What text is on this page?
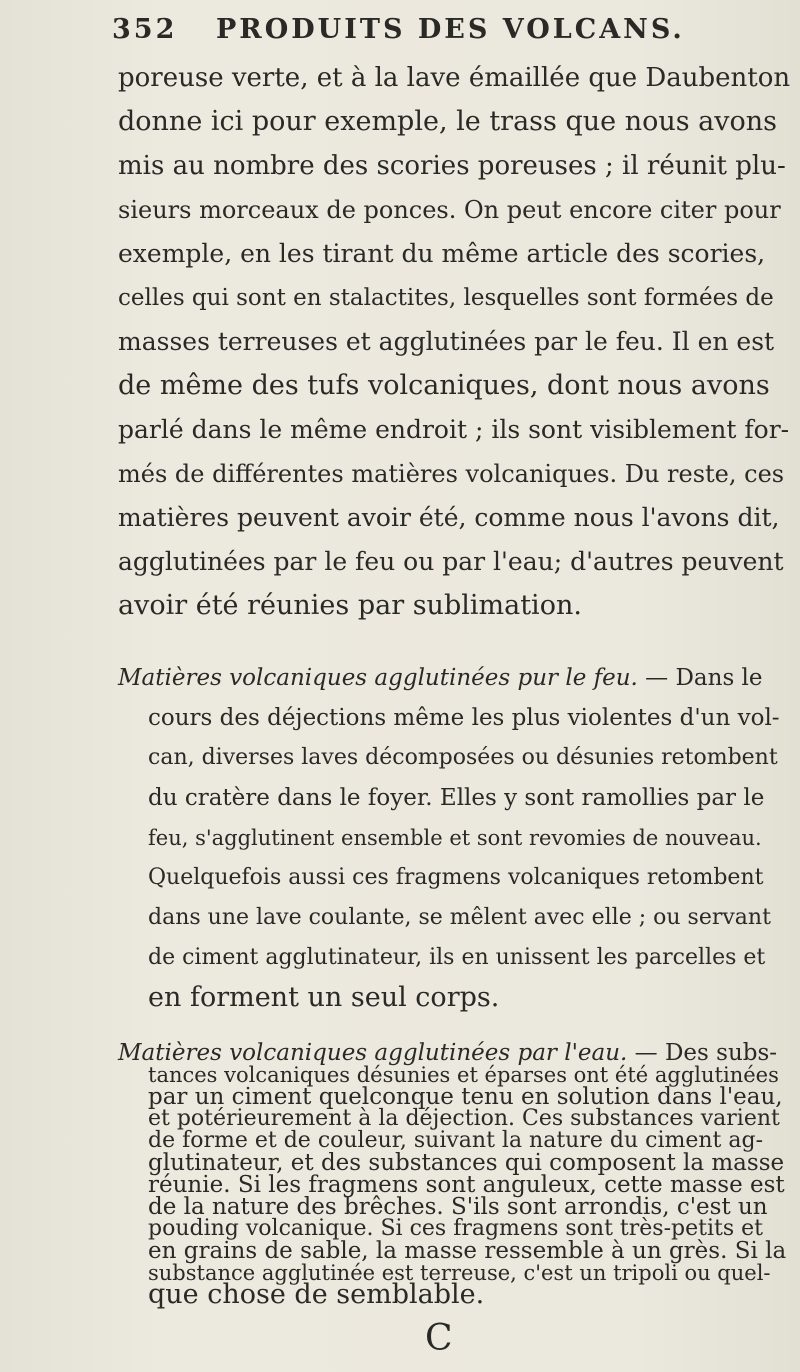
352 PRODUITS DES VOLCANS.
poreuse verte, et à la lave émaillée que Daubenton
donne ici pour exemple, le trass que nous avons
mis au nombre des scories poreuses ; il réunit plu-
sieurs morceaux de ponces. On peut encore citer pour
exemple, en les tirant du même article des scories,
celles qui sont en stalactites, lesquelles sont formées de
masses terreuses et agglutinées par le feu. Il en est
de même des tufs volcaniques, dont nous avons
parlé dans le même endroit ; ils sont visiblement for-
més de différentes matières volcaniques. Du reste, ces
matières peuvent avoir été, comme nous l'avons dit,
agglutinées par le feu ou par l'eau; d'autres peuvent
avoir été réunies par sublimation.
Matières volcaniques agglutinées pur le feu. — Dans le
cours des déjections même les plus violentes d'un vol-
can, diverses laves décomposées ou désunies retombent
du cratère dans le foyer. Elles y sont ramollies par le
feu, s'agglutinent ensemble et sont revomies de nouveau.
Quelquefois aussi ces fragmens volcaniques retombent
dans une lave coulante, se mêlent avec elle ; ou servant
de ciment agglutinateur, ils en unissent les parcelles et
en forment un seul corps.
Matières volcaniques agglutinées par l'eau. — Des subs-
tances volcaniques désunies et éparses ont été agglutinées
par un ciment quelconque tenu en solution dans l'eau,
et potérieurement à la déjection. Ces substances varient
de forme et de couleur, suivant la nature du ciment ag-
glutinateur, et des substances qui composent la masse
réunie. Si les fragmens sont anguleux, cette masse est
de la nature des brêches. S'ils sont arrondis, c'est un
pouding volcanique. Si ces fragmens sont très-petits et
en grains de sable, la masse ressemble à un grès. Si la
substance agglutinée est terreuse, c'est un tripoli ou quel-
que chose de semblable.
C
